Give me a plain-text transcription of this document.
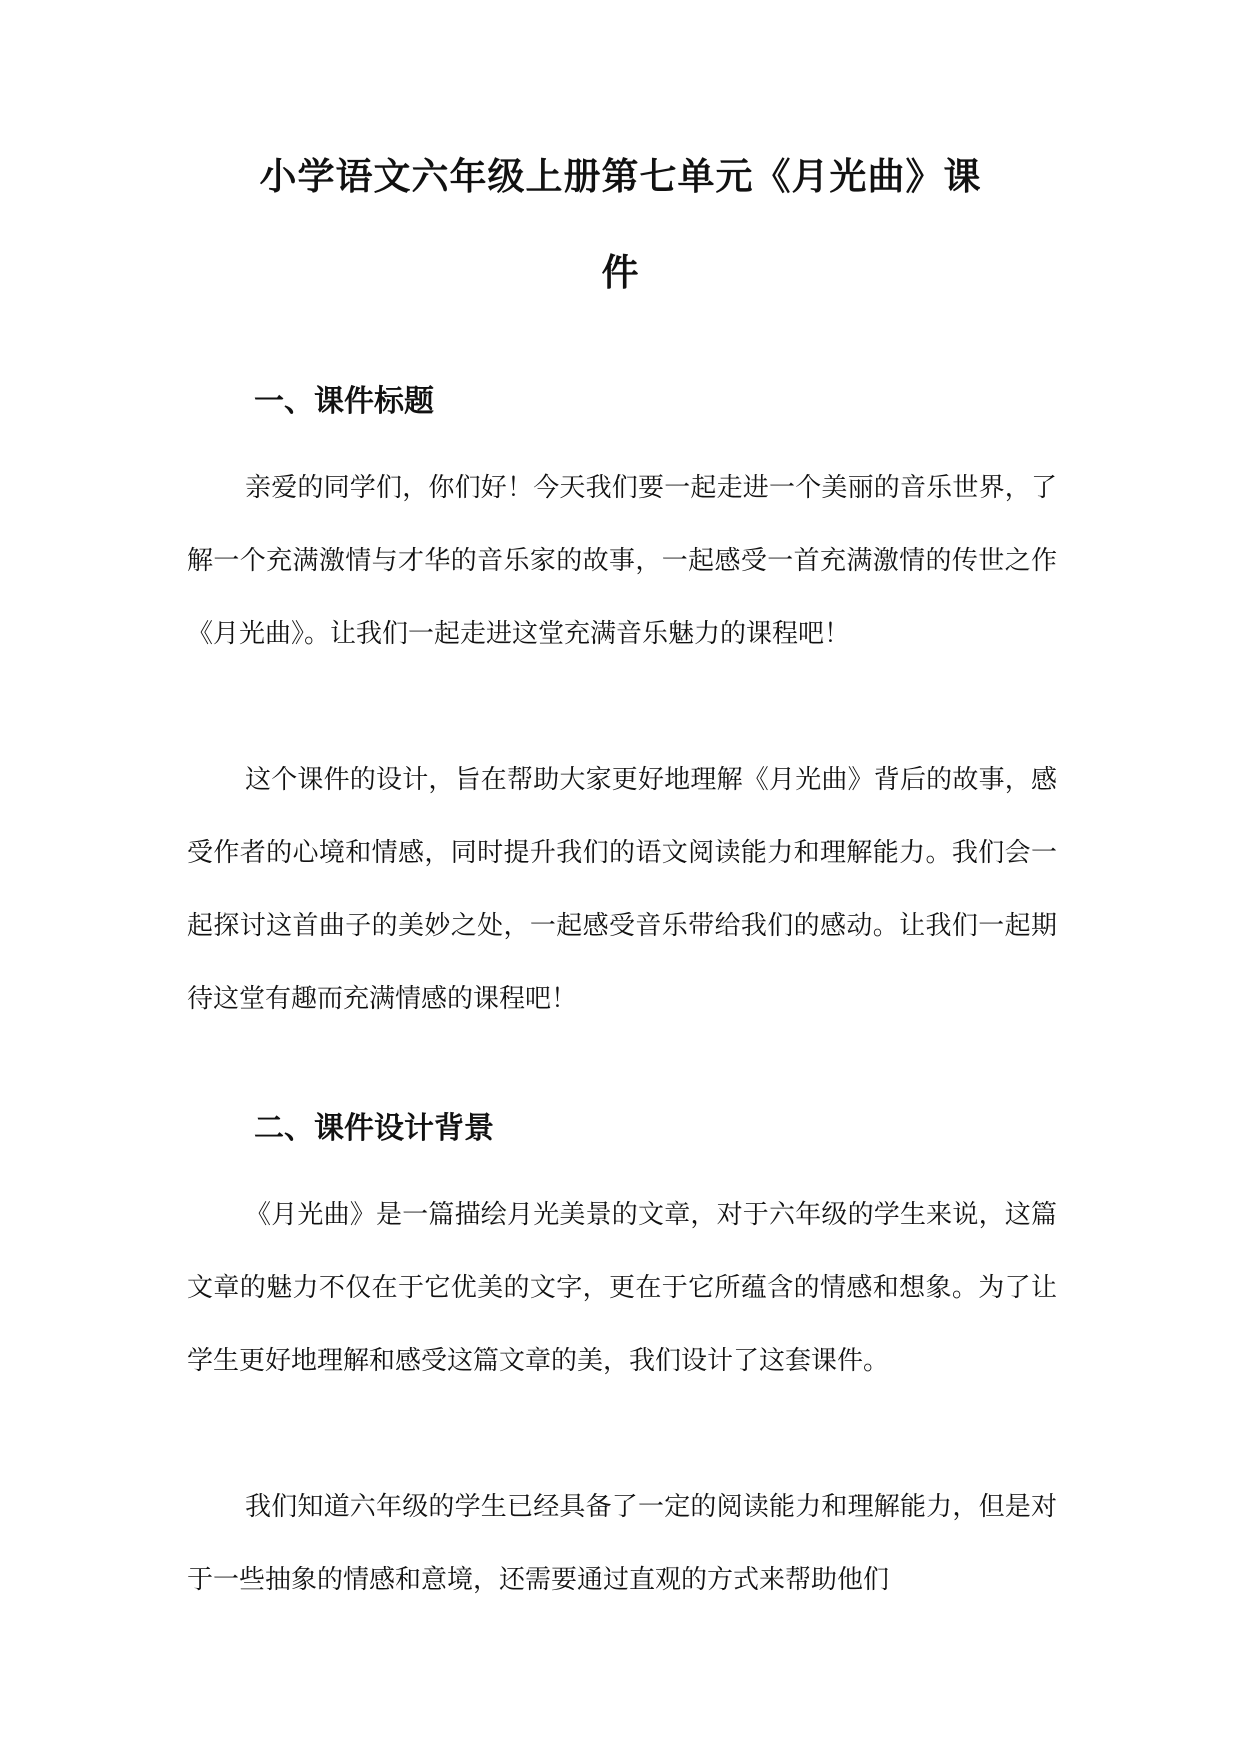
小学语文六年级上册第七单元《月光曲》课
件
一、课件标题

亲爱的同学们，你们好！今天我们要一起走进一个美丽的音乐世界，了解一个充满激情与才华的音乐家的故事，一起感受一首充满激情的传世之作《月光曲》。让我们一起走进这堂充满音乐魅力的课程吧！

这个课件的设计，旨在帮助大家更好地理解《月光曲》背后的故事，感受作者的心境和情感，同时提升我们的语文阅读能力和理解能力。我们会一起探讨这首曲子的美妙之处，一起感受音乐带给我们的感动。让我们一起期待这堂有趣而充满情感的课程吧！

二、课件设计背景

《月光曲》是一篇描绘月光美景的文章，对于六年级的学生来说，这篇文章的魅力不仅在于它优美的文字，更在于它所蕴含的情感和想象。为了让学生更好地理解和感受这篇文章的美，我们设计了这套课件。

我们知道六年级的学生已经具备了一定的阅读能力和理解能力，但是对于一些抽象的情感和意境，还需要通过直观的方式来帮助他们
